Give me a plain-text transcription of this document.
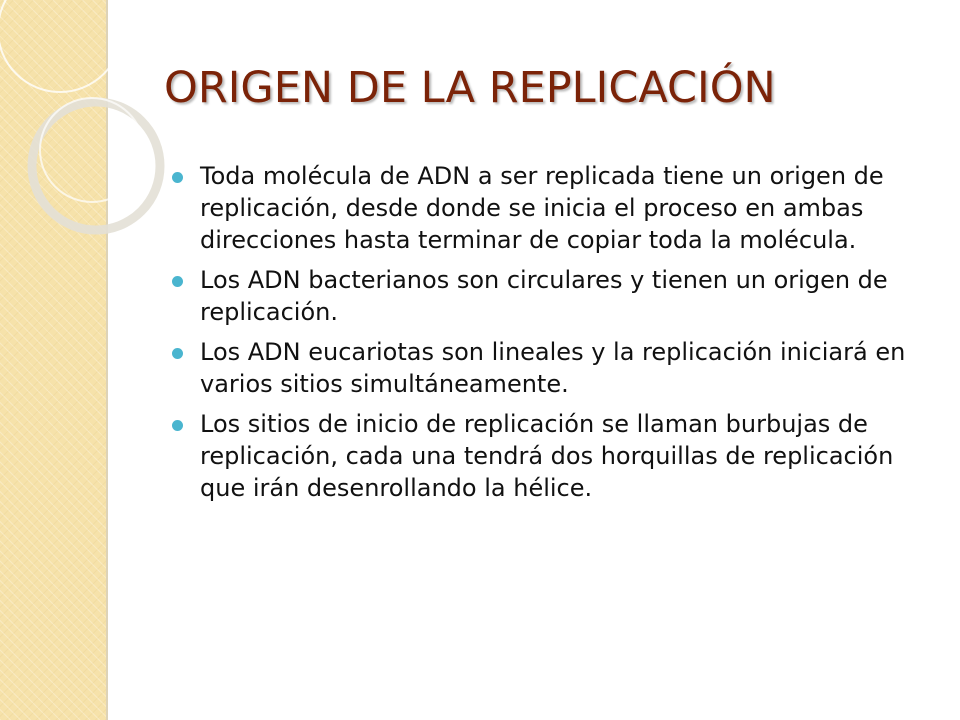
ORIGEN DE LA REPLICACIÓN
Toda molécula de ADN a ser replicada tiene un origen de replicación, desde donde se inicia el proceso en ambas direcciones hasta terminar de copiar toda la molécula.
Los ADN bacterianos son circulares y tienen un origen de replicación.
Los ADN eucariotas son lineales y la replicación iniciará en varios sitios simultáneamente.
Los sitios de inicio de replicación se llaman burbujas de replicación, cada una tendrá dos horquillas de replicación que irán desenrollando la hélice.
